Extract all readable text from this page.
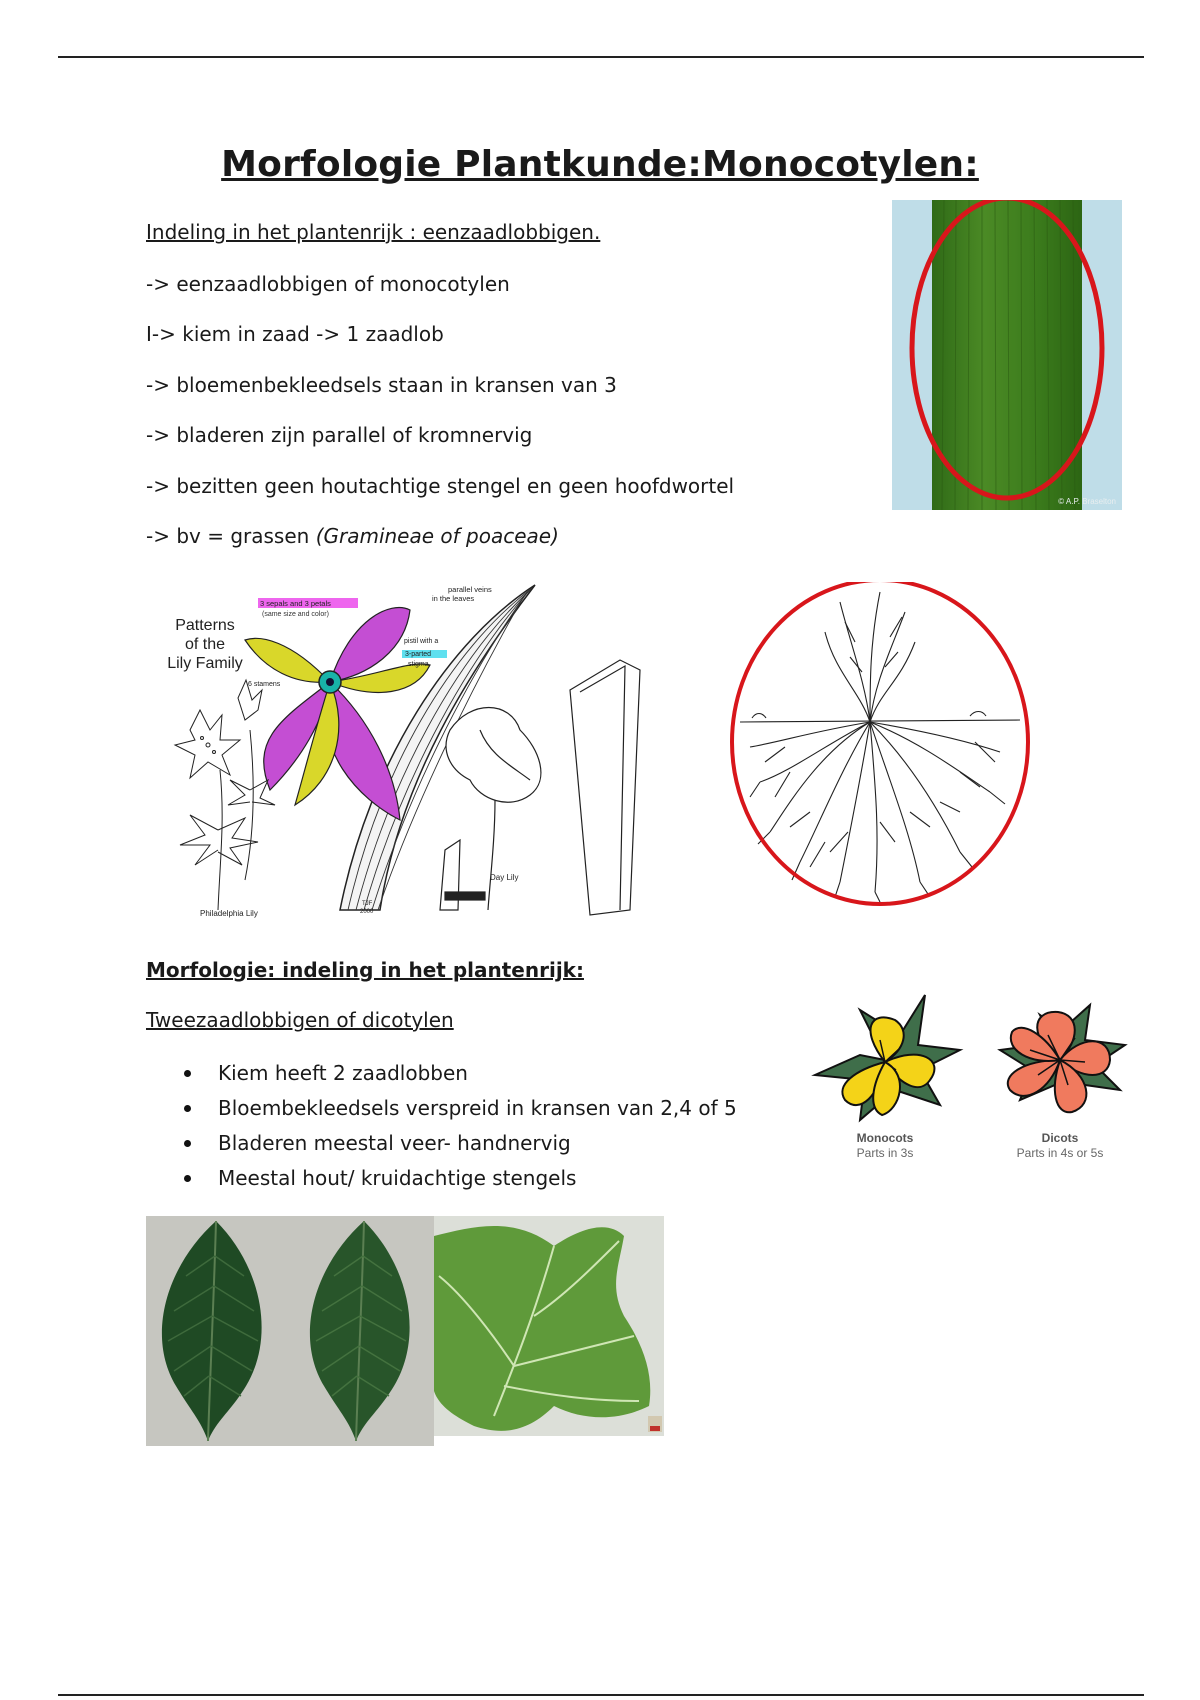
Morfologie Plantkunde:Monocotylen:
Indeling in het plantenrijk : eenzaadlobbigen.
-> eenzaadlobbigen of monocotylen
I-> kiem in zaad -> 1 zaadlob
-> bloemenbekleedsels staan in kransen van 3
-> bladeren zijn parallel of kromnervig
-> bezitten geen houtachtige stengel en geen hoofdwortel
-> bv = grassen (Gramineae of poaceae)
© A.P. Braselton
Patterns
of the
Lily Family
3 sepals and 3 petals
(same size and color)
parallel veins
in the leaves
pistil with a
3-parted
stigma
6 stamens
Philadelphia Lily
TJF
2000
Day Lily
Morfologie: indeling in het plantenrijk:
Tweezaadlobbigen of dicotylen
Kiem heeft 2 zaadlobben
Bloembekleedsels verspreid in kransen van 2,4 of 5
Bladeren meestal veer- handnervig
Meestal hout/ kruidachtige stengels
Monocots
Parts in 3s
Dicots
Parts in 4s or 5s
